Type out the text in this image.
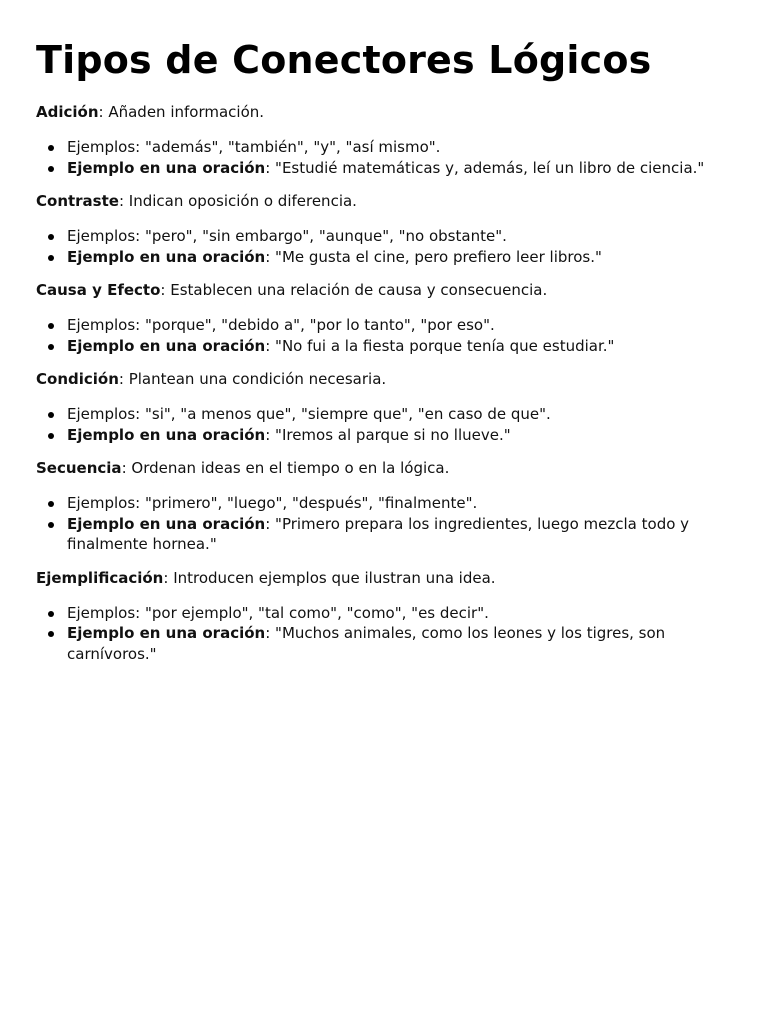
Tipos de Conectores Lógicos

Adición: Añaden información.

Ejemplos: "además", "también", "y", "así mismo".
Ejemplo en una oración: "Estudié matemáticas y, además, leí un libro de ciencia."

Contraste: Indican oposición o diferencia.

Ejemplos: "pero", "sin embargo", "aunque", "no obstante".
Ejemplo en una oración: "Me gusta el cine, pero prefiero leer libros."

Causa y Efecto: Establecen una relación de causa y consecuencia.

Ejemplos: "porque", "debido a", "por lo tanto", "por eso".
Ejemplo en una oración: "No fui a la fiesta porque tenía que estudiar."

Condición: Plantean una condición necesaria.

Ejemplos: "si", "a menos que", "siempre que", "en caso de que".
Ejemplo en una oración: "Iremos al parque si no llueve."

Secuencia: Ordenan ideas en el tiempo o en la lógica.

Ejemplos: "primero", "luego", "después", "finalmente".
Ejemplo en una oración: "Primero prepara los ingredientes, luego mezcla todo y finalmente hornea."

Ejemplificación: Introducen ejemplos que ilustran una idea.

Ejemplos: "por ejemplo", "tal como", "como", "es decir".
Ejemplo en una oración: "Muchos animales, como los leones y los tigres, son carnívoros."
